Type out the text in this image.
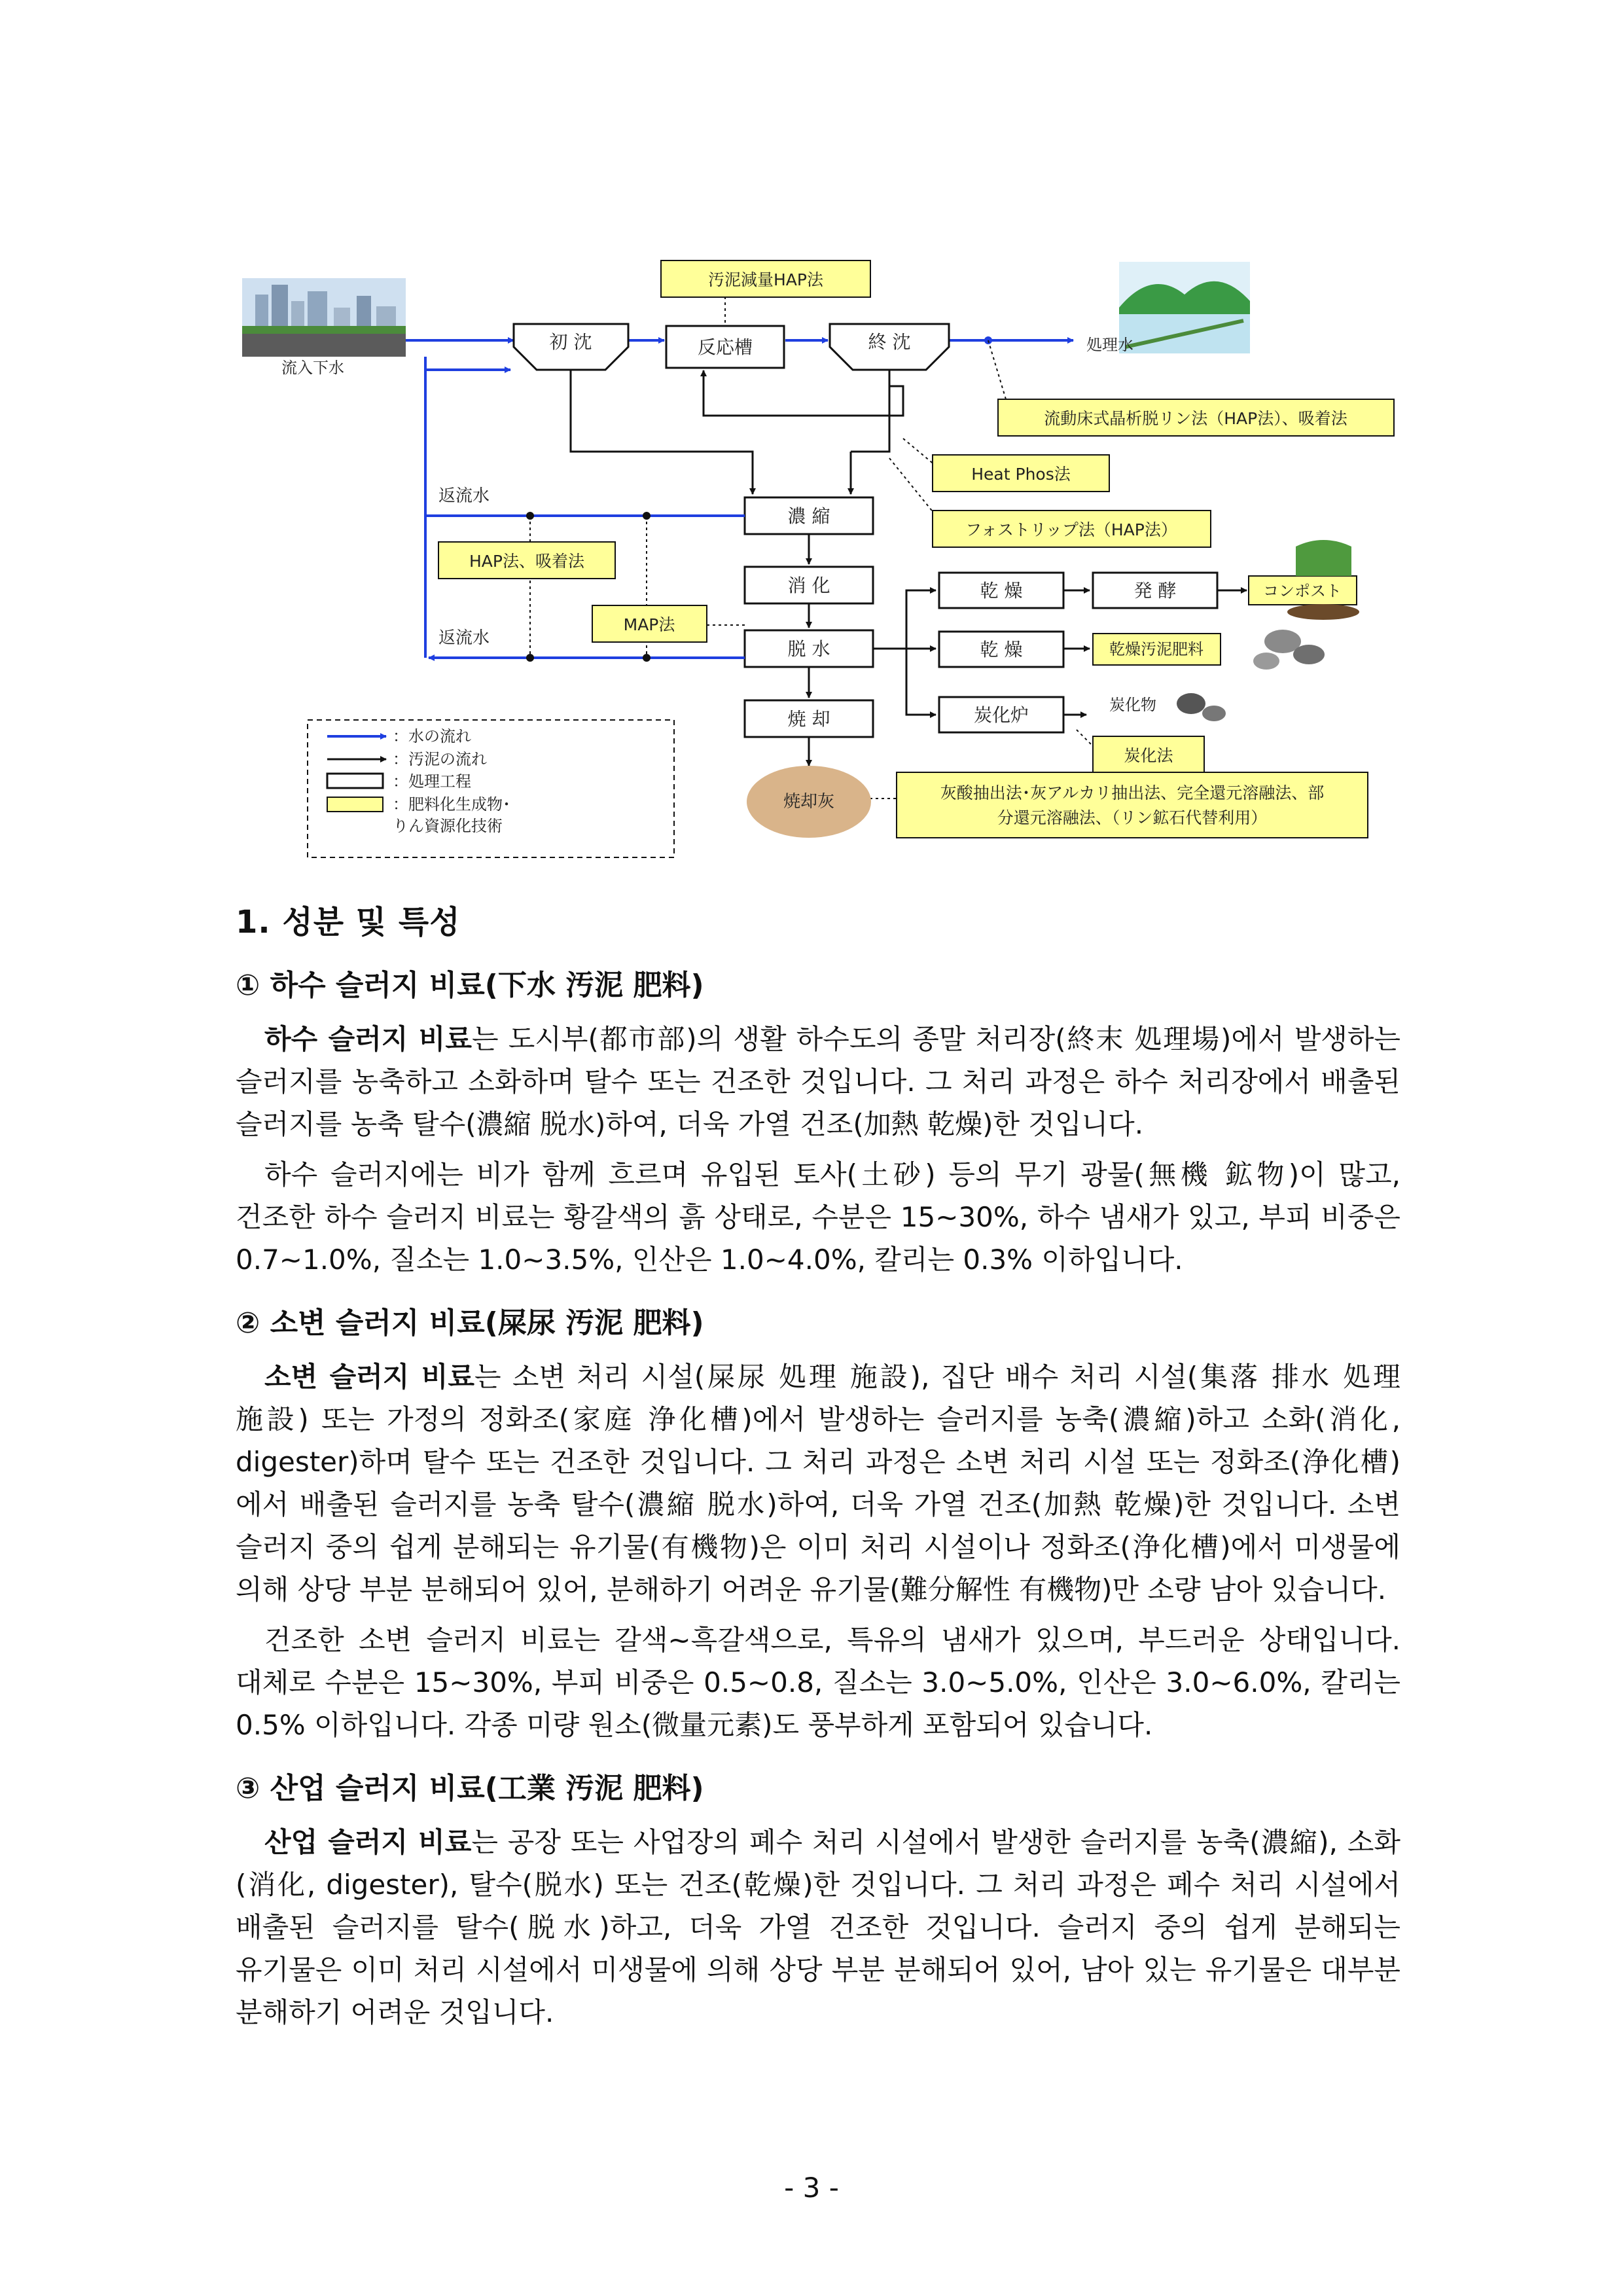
流入下水
処理水
初 沈	反応槽	終 沈
濃 縮
消 化
脱 水
焼 却
乾 燥	発 酵
乾 燥
炭化炉
返流水
返流水
汚泥減量HAP法
流動床式晶析脱リン法（HAP法）、吸着法
Heat Phos法
フォストリップ法（HAP法）
HAP法、吸着法
MAP法
炭化法
灰酸抽出法･灰アルカリ抽出法、完全還元溶融法、部
分還元溶融法、（リン鉱石代替利用）
コンポスト
乾燥汚泥肥料
炭化物
焼却灰
：水の流れ
：汚泥の流れ
：処理工程
：肥料化生成物･
りん資源化技術
1. 성분 및 특성
① 하수 슬러지 비료(下水 汚泥 肥料)

하수 슬러지 비료는 도시부(都市部)의 생활 하수도의 종말 처리장(終末 処理場)에서 발생하는 슬러지를 농축하고 소화하며 탈수 또는 건조한 것입니다. 그 처리 과정은 하수 처리장에서 배출된 슬러지를 농축 탈수(濃縮 脱水)하여, 더욱 가열 건조(加熱 乾燥)한 것입니다.

하수 슬러지에는 비가 함께 흐르며 유입된 토사(土砂) 등의 무기 광물(無機 鉱物)이 많고, 건조한 하수 슬러지 비료는 황갈색의 흙 상태로, 수분은 15~30%, 하수 냄새가 있고, 부피 비중은 0.7~1.0%, 질소는 1.0~3.5%, 인산은 1.0~4.0%, 칼리는 0.3% 이하입니다.

② 소변 슬러지 비료(屎尿 汚泥 肥料)

소변 슬러지 비료는 소변 처리 시설(屎尿 処理 施設), 집단 배수 처리 시설(集落 排水 処理 施設) 또는 가정의 정화조(家庭 浄化槽)에서 발생하는 슬러지를 농축(濃縮)하고 소화(消化, digester)하며 탈수 또는 건조한 것입니다. 그 처리 과정은 소변 처리 시설 또는 정화조(浄化槽)에서 배출된 슬러지를 농축 탈수(濃縮 脱水)하여, 더욱 가열 건조(加熱 乾燥)한 것입니다. 소변 슬러지 중의 쉽게 분해되는 유기물(有機物)은 이미 처리 시설이나 정화조(浄化槽)에서 미생물에 의해 상당 부분 분해되어 있어, 분해하기 어려운 유기물(難分解性 有機物)만 소량 남아 있습니다.

건조한 소변 슬러지 비료는 갈색~흑갈색으로, 특유의 냄새가 있으며, 부드러운 상태입니다. 대체로 수분은 15~30%, 부피 비중은 0.5~0.8, 질소는 3.0~5.0%, 인산은 3.0~6.0%, 칼리는 0.5% 이하입니다. 각종 미량 원소(微量元素)도 풍부하게 포함되어 있습니다.

③ 산업 슬러지 비료(工業 汚泥 肥料)

산업 슬러지 비료는 공장 또는 사업장의 폐수 처리 시설에서 발생한 슬러지를 농축(濃縮), 소화(消化, digester), 탈수(脱水) 또는 건조(乾燥)한 것입니다. 그 처리 과정은 폐수 처리 시설에서 배출된 슬러지를 탈수(脱水)하고, 더욱 가열 건조한 것입니다. 슬러지 중의 쉽게 분해되는 유기물은 이미 처리 시설에서 미생물에 의해 상당 부분 분해되어 있어, 남아 있는 유기물은 대부분 분해하기 어려운 것입니다.

- 3 -
